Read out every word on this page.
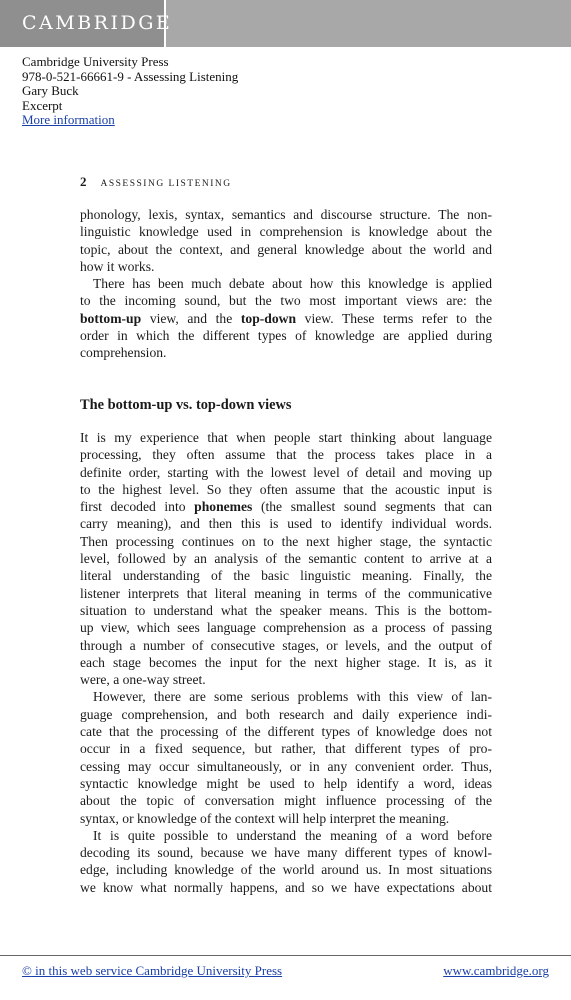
CAMBRIDGE
Cambridge University Press
978-0-521-66661-9 - Assessing Listening
Gary Buck
Excerpt
More information
2 ASSESSING LISTENING
phonology, lexis, syntax, semantics and discourse structure. The non-
linguistic knowledge used in comprehension is knowledge about the
topic, about the context, and general knowledge about the world and
how it works.
There has been much debate about how this knowledge is applied
to the incoming sound, but the two most important views are: the
bottom-up view, and the top-down view. These terms refer to the
order in which the different types of knowledge are applied during
comprehension.
The bottom-up vs. top-down views
It is my experience that when people start thinking about language
processing, they often assume that the process takes place in a
definite order, starting with the lowest level of detail and moving up
to the highest level. So they often assume that the acoustic input is
first decoded into phonemes (the smallest sound segments that can
carry meaning), and then this is used to identify individual words.
Then processing continues on to the next higher stage, the syntactic
level, followed by an analysis of the semantic content to arrive at a
literal understanding of the basic linguistic meaning. Finally, the
listener interprets that literal meaning in terms of the communicative
situation to understand what the speaker means. This is the bottom-
up view, which sees language comprehension as a process of passing
through a number of consecutive stages, or levels, and the output of
each stage becomes the input for the next higher stage. It is, as it
were, a one-way street.
However, there are some serious problems with this view of lan-
guage comprehension, and both research and daily experience indi-
cate that the processing of the different types of knowledge does not
occur in a fixed sequence, but rather, that different types of pro-
cessing may occur simultaneously, or in any convenient order. Thus,
syntactic knowledge might be used to help identify a word, ideas
about the topic of conversation might influence processing of the
syntax, or knowledge of the context will help interpret the meaning.
It is quite possible to understand the meaning of a word before
decoding its sound, because we have many different types of knowl-
edge, including knowledge of the world around us. In most situations
we know what normally happens, and so we have expectations about
© in this web service Cambridge University Press	www.cambridge.org
